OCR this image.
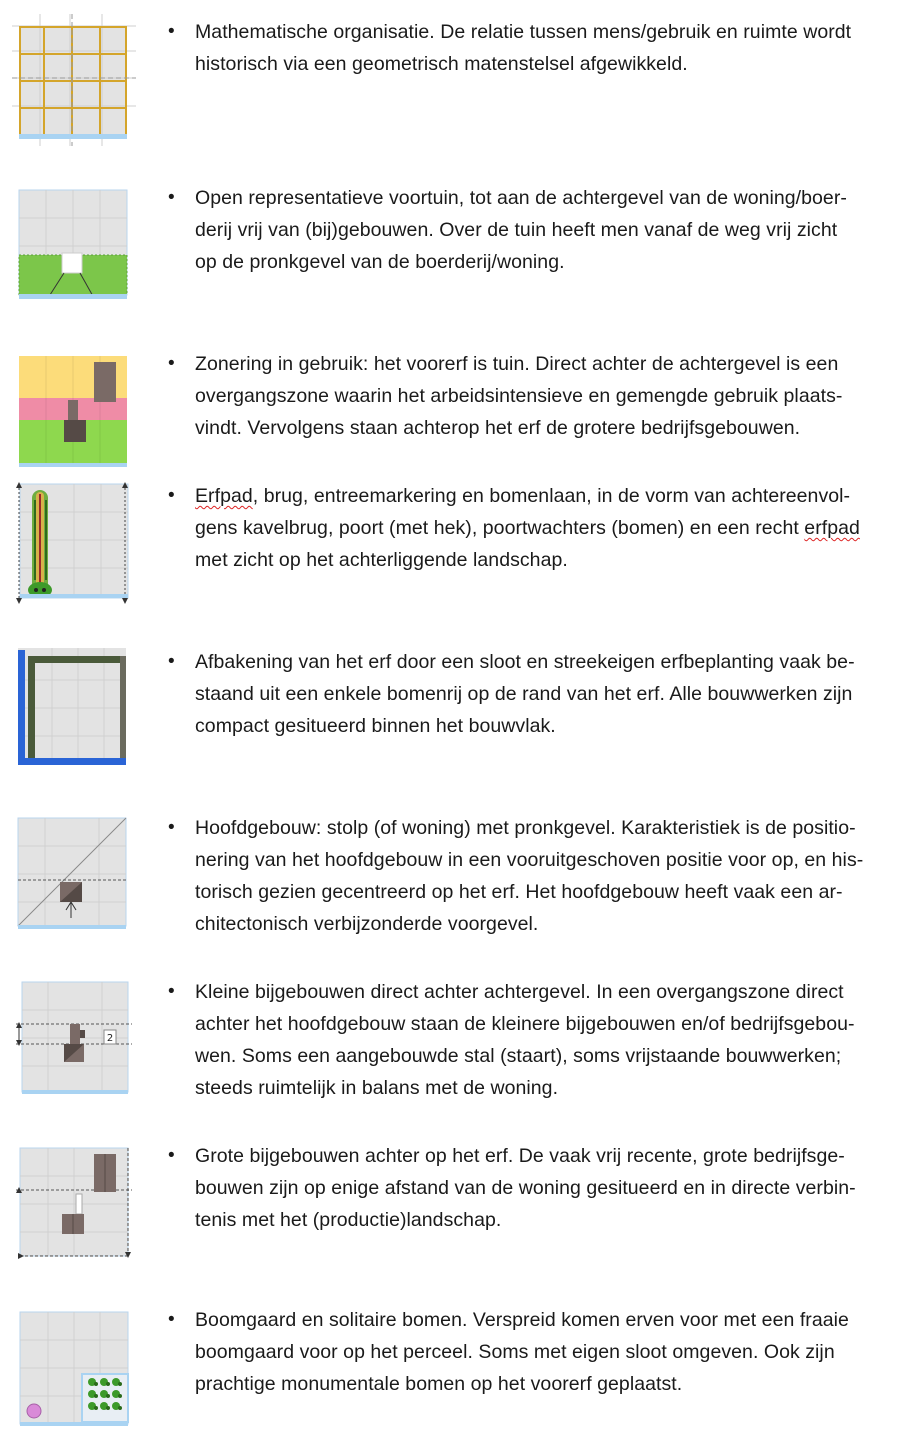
• Mathematische organisatie. De relatie tussen mens/gebruik en ruimte wordt
historisch via een geometrisch matenstelsel afgewikkeld.
• Open representatieve voortuin, tot aan de achtergevel van de woning/boer-
derij vrij van (bij)gebouwen. Over de tuin heeft men vanaf de weg vrij zicht
op de pronkgevel van de boerderij/woning.
• Zonering in gebruik: het voorerf is tuin. Direct achter de achtergevel is een
overgangszone waarin het arbeidsintensieve en gemengde gebruik plaats-
vindt. Vervolgens staan achterop het erf de grotere bedrijfsgebouwen.
• Erfpad, brug, entreemarkering en bomenlaan, in de vorm van achtereenvol-
gens kavelbrug, poort (met hek), poortwachters (bomen) en een recht erfpad
met zicht op het achterliggende landschap.
• Afbakening van het erf door een sloot en streekeigen erfbeplanting vaak be-
staand uit een enkele bomenrij op de rand van het erf. Alle bouwwerken zijn
compact gesitueerd binnen het bouwvlak.
• Hoofdgebouw: stolp (of woning) met pronkgevel. Karakteristiek is de positio-
nering van het hoofdgebouw in een vooruitgeschoven positie voor op, en his-
torisch gezien gecentreerd op het erf. Het hoofdgebouw heeft vaak een ar-
chitectonisch verbijzonderde voorgevel.
2
• Kleine bijgebouwen direct achter achtergevel. In een overgangszone direct
achter het hoofdgebouw staan de kleinere bijgebouwen en/of bedrijfsgebou-
wen. Soms een aangebouwde stal (staart), soms vrijstaande bouwwerken;
steeds ruimtelijk in balans met de woning.
• Grote bijgebouwen achter op het erf. De vaak vrij recente, grote bedrijfsge-
bouwen zijn op enige afstand van de woning gesitueerd en in directe verbin-
tenis met het (productie)landschap.
• Boomgaard en solitaire bomen. Verspreid komen erven voor met een fraaie
boomgaard voor op het perceel. Soms met eigen sloot omgeven. Ook zijn
prachtige monumentale bomen op het voorerf geplaatst.
